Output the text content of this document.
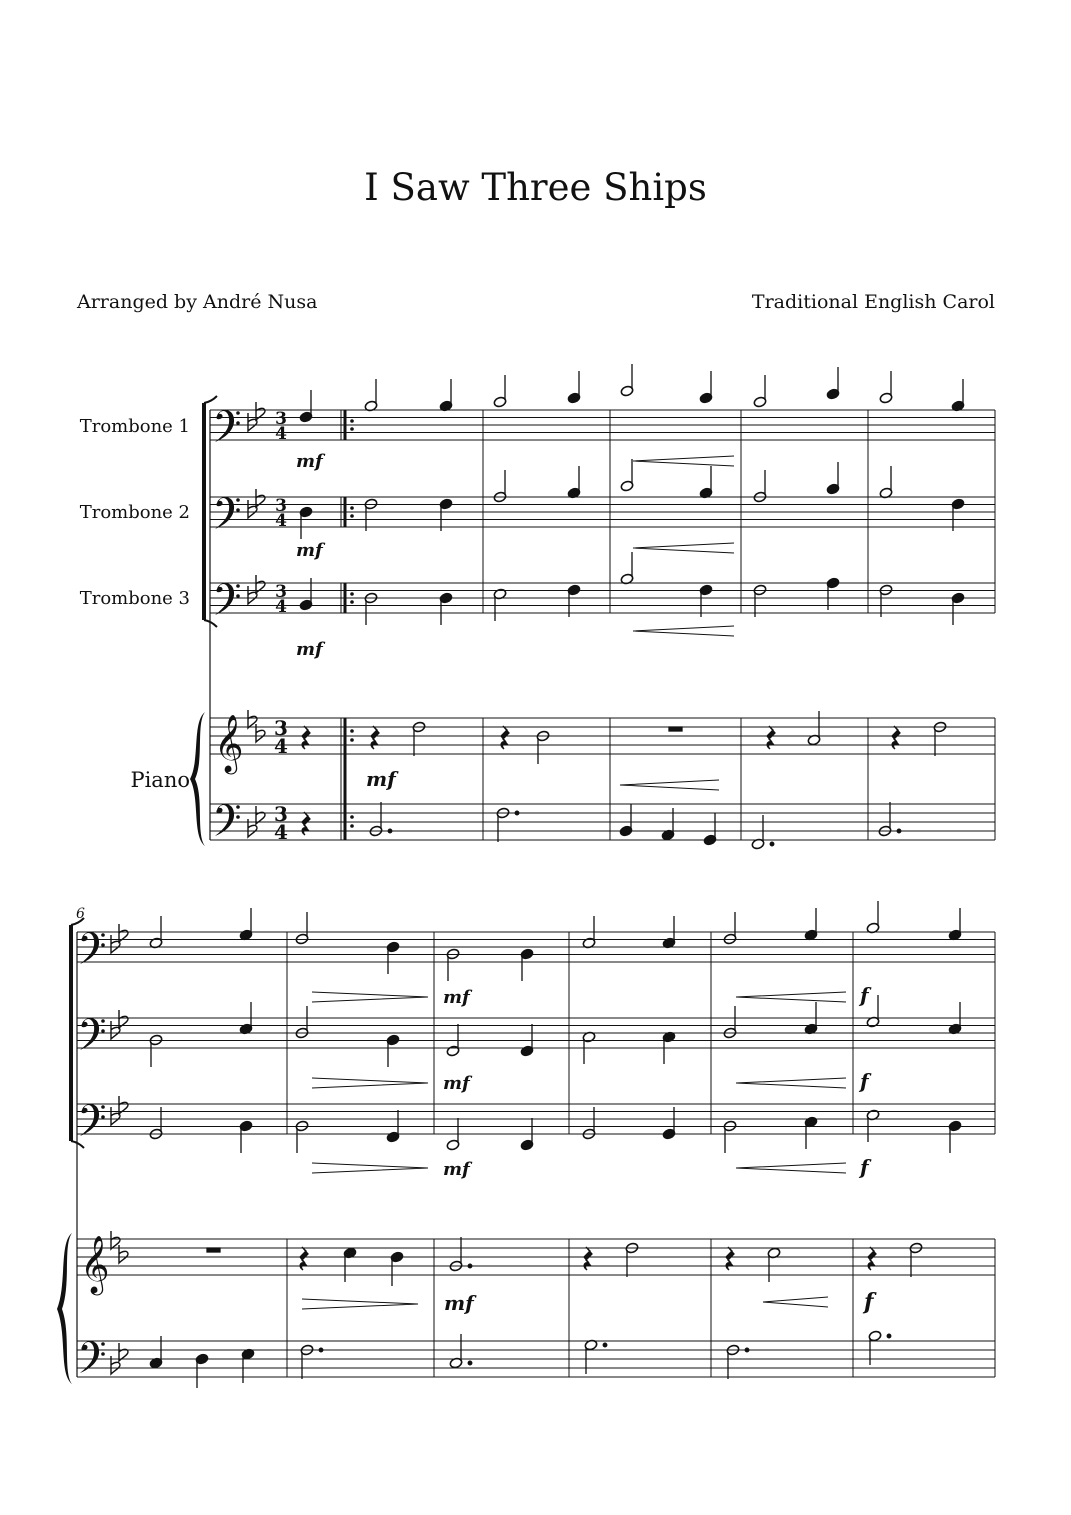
I Saw Three Ships
Arranged by André Nusa	Traditional English Carol
Trombone 1
Trombone 2
Trombone 3
Piano
6
𝄞
3
4
3
4
3
4
3
4
3
4
𝄞
mf
mf
mf
mf
mf
mf
mf
mf
f
f
f
f
